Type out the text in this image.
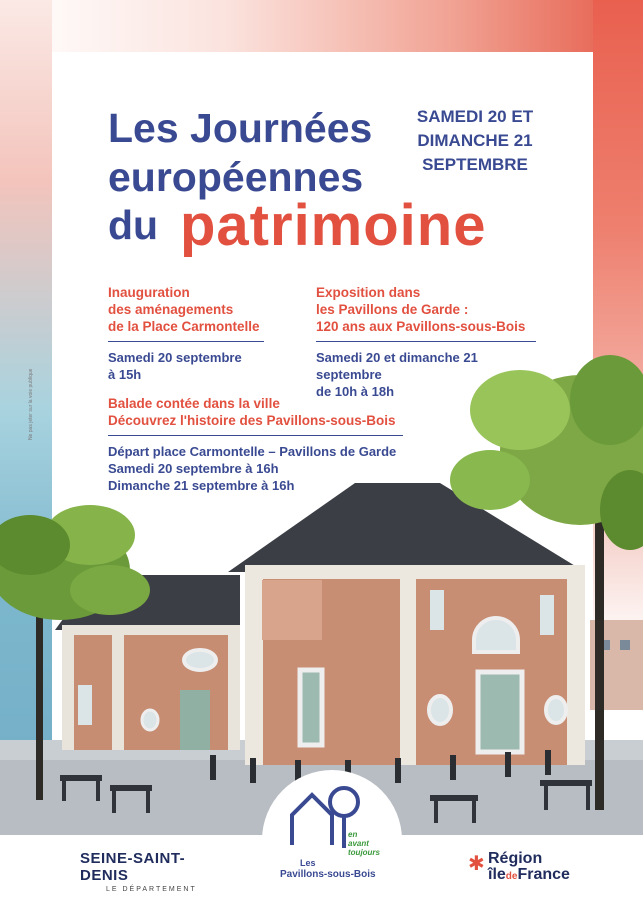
Les Journées
européennes
du patrimoine
SAMEDI 20 ET
DIMANCHE 21
SEPTEMBRE
Inauguration
des aménagements
de la Place Carmontelle
Samedi 20 septembre
à 15h
Exposition dans
les Pavillons de Garde :
120 ans aux Pavillons-sous-Bois
Samedi 20 et dimanche 21 septembre
de 10h à 18h
Balade contée dans la ville
Découvrez l'histoire des Pavillons-sous-Bois
Départ place Carmontelle – Pavillons de Garde
Samedi 20 septembre à 16h
Dimanche 21 septembre à 16h
Ne pas jeter sur la voie publique
en
avant
toujours
Les
Pavillons-sous-Bois
SEINE-SAINT-DENIS
LE DÉPARTEMENT
✱ Région
îledeFrance
